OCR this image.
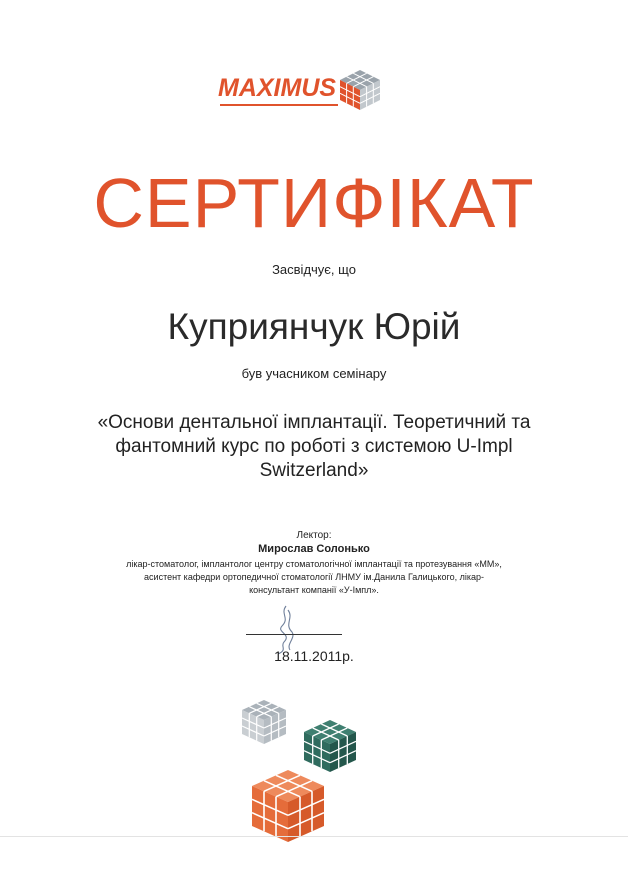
MAXIMUS
СЕРТИФІКАТ
Засвідчує, що
Куприянчук Юрій
був учасником семінару
«Основи дентальної імплантації. Теоретичний та
фантомний курс по роботі з системою U-Impl
Switzerland»
Лектор:
Мирослав Солонько
лікар-стоматолог, імплантолог центру стоматологічної імплантації та протезування «ММ»,
асистент кафедри ортопедичної стоматології ЛНМУ ім.Данила Галицького, лікар-
консультант компанії «У-Імпл».
18.11.2011р.
